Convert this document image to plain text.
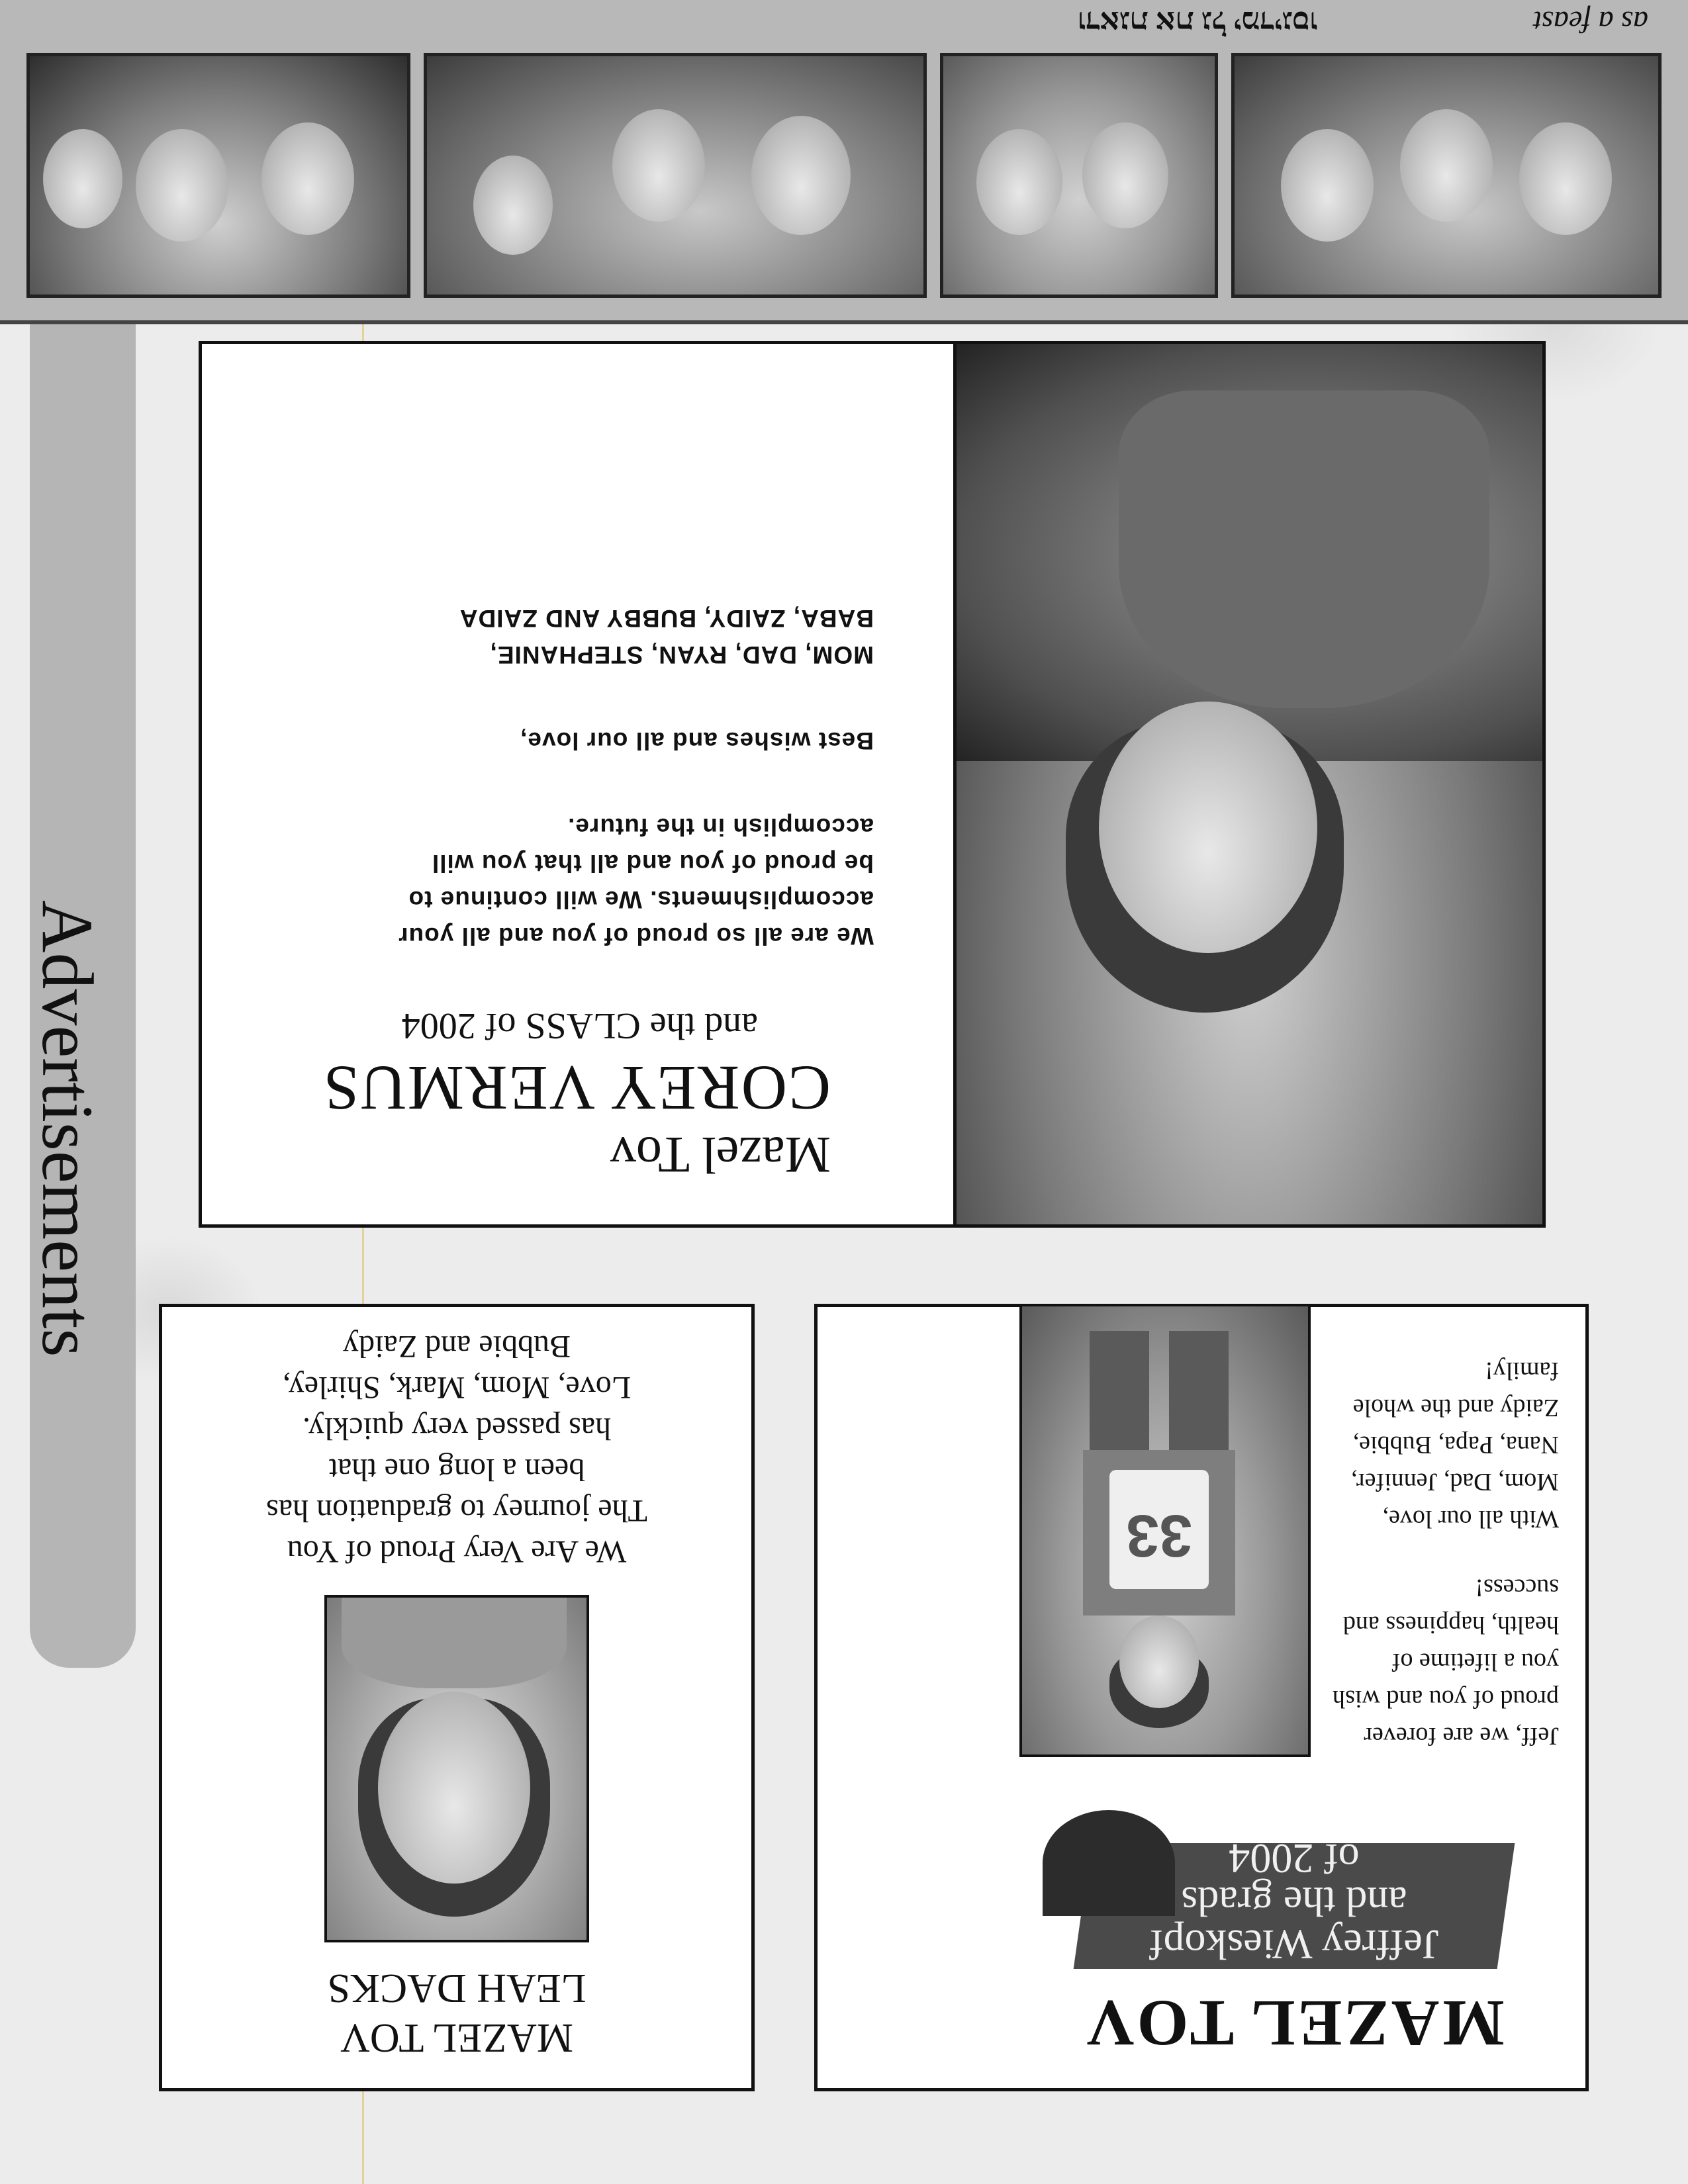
Advertisements
MAZEL TOV
LEAH DACKS
We Are Very Proud of You
The journey to graduation has
been a long one that
has passed very quickly.
Love, Mom, Mark, Shirley,
Bubbie and Zaidy
MAZEL TOV
Jeffrey Wieskopf
and the grads
of 2004
33
Jeff, we are forever
proud of you and wish
you a lifetime of
health, happiness and
success!
With all our love,
Mom, Dad, Jennifer,
Nana, Papa, Bubbie,
Zaidy and the whole
family!
Mazel Tov
COREY VERMUS
and the CLASS of 2004
We are all so proud of you and all your
accomplishments. We will continue to
be proud of you and all that you will
accomplish in the future.
Best wishes and all our love,
MOM, DAD, RYAN, STEPHANIE,
BABA, ZAIDY, BUBBY AND ZAIDA
as a feast
ודאגת את גל ימדיגסו
